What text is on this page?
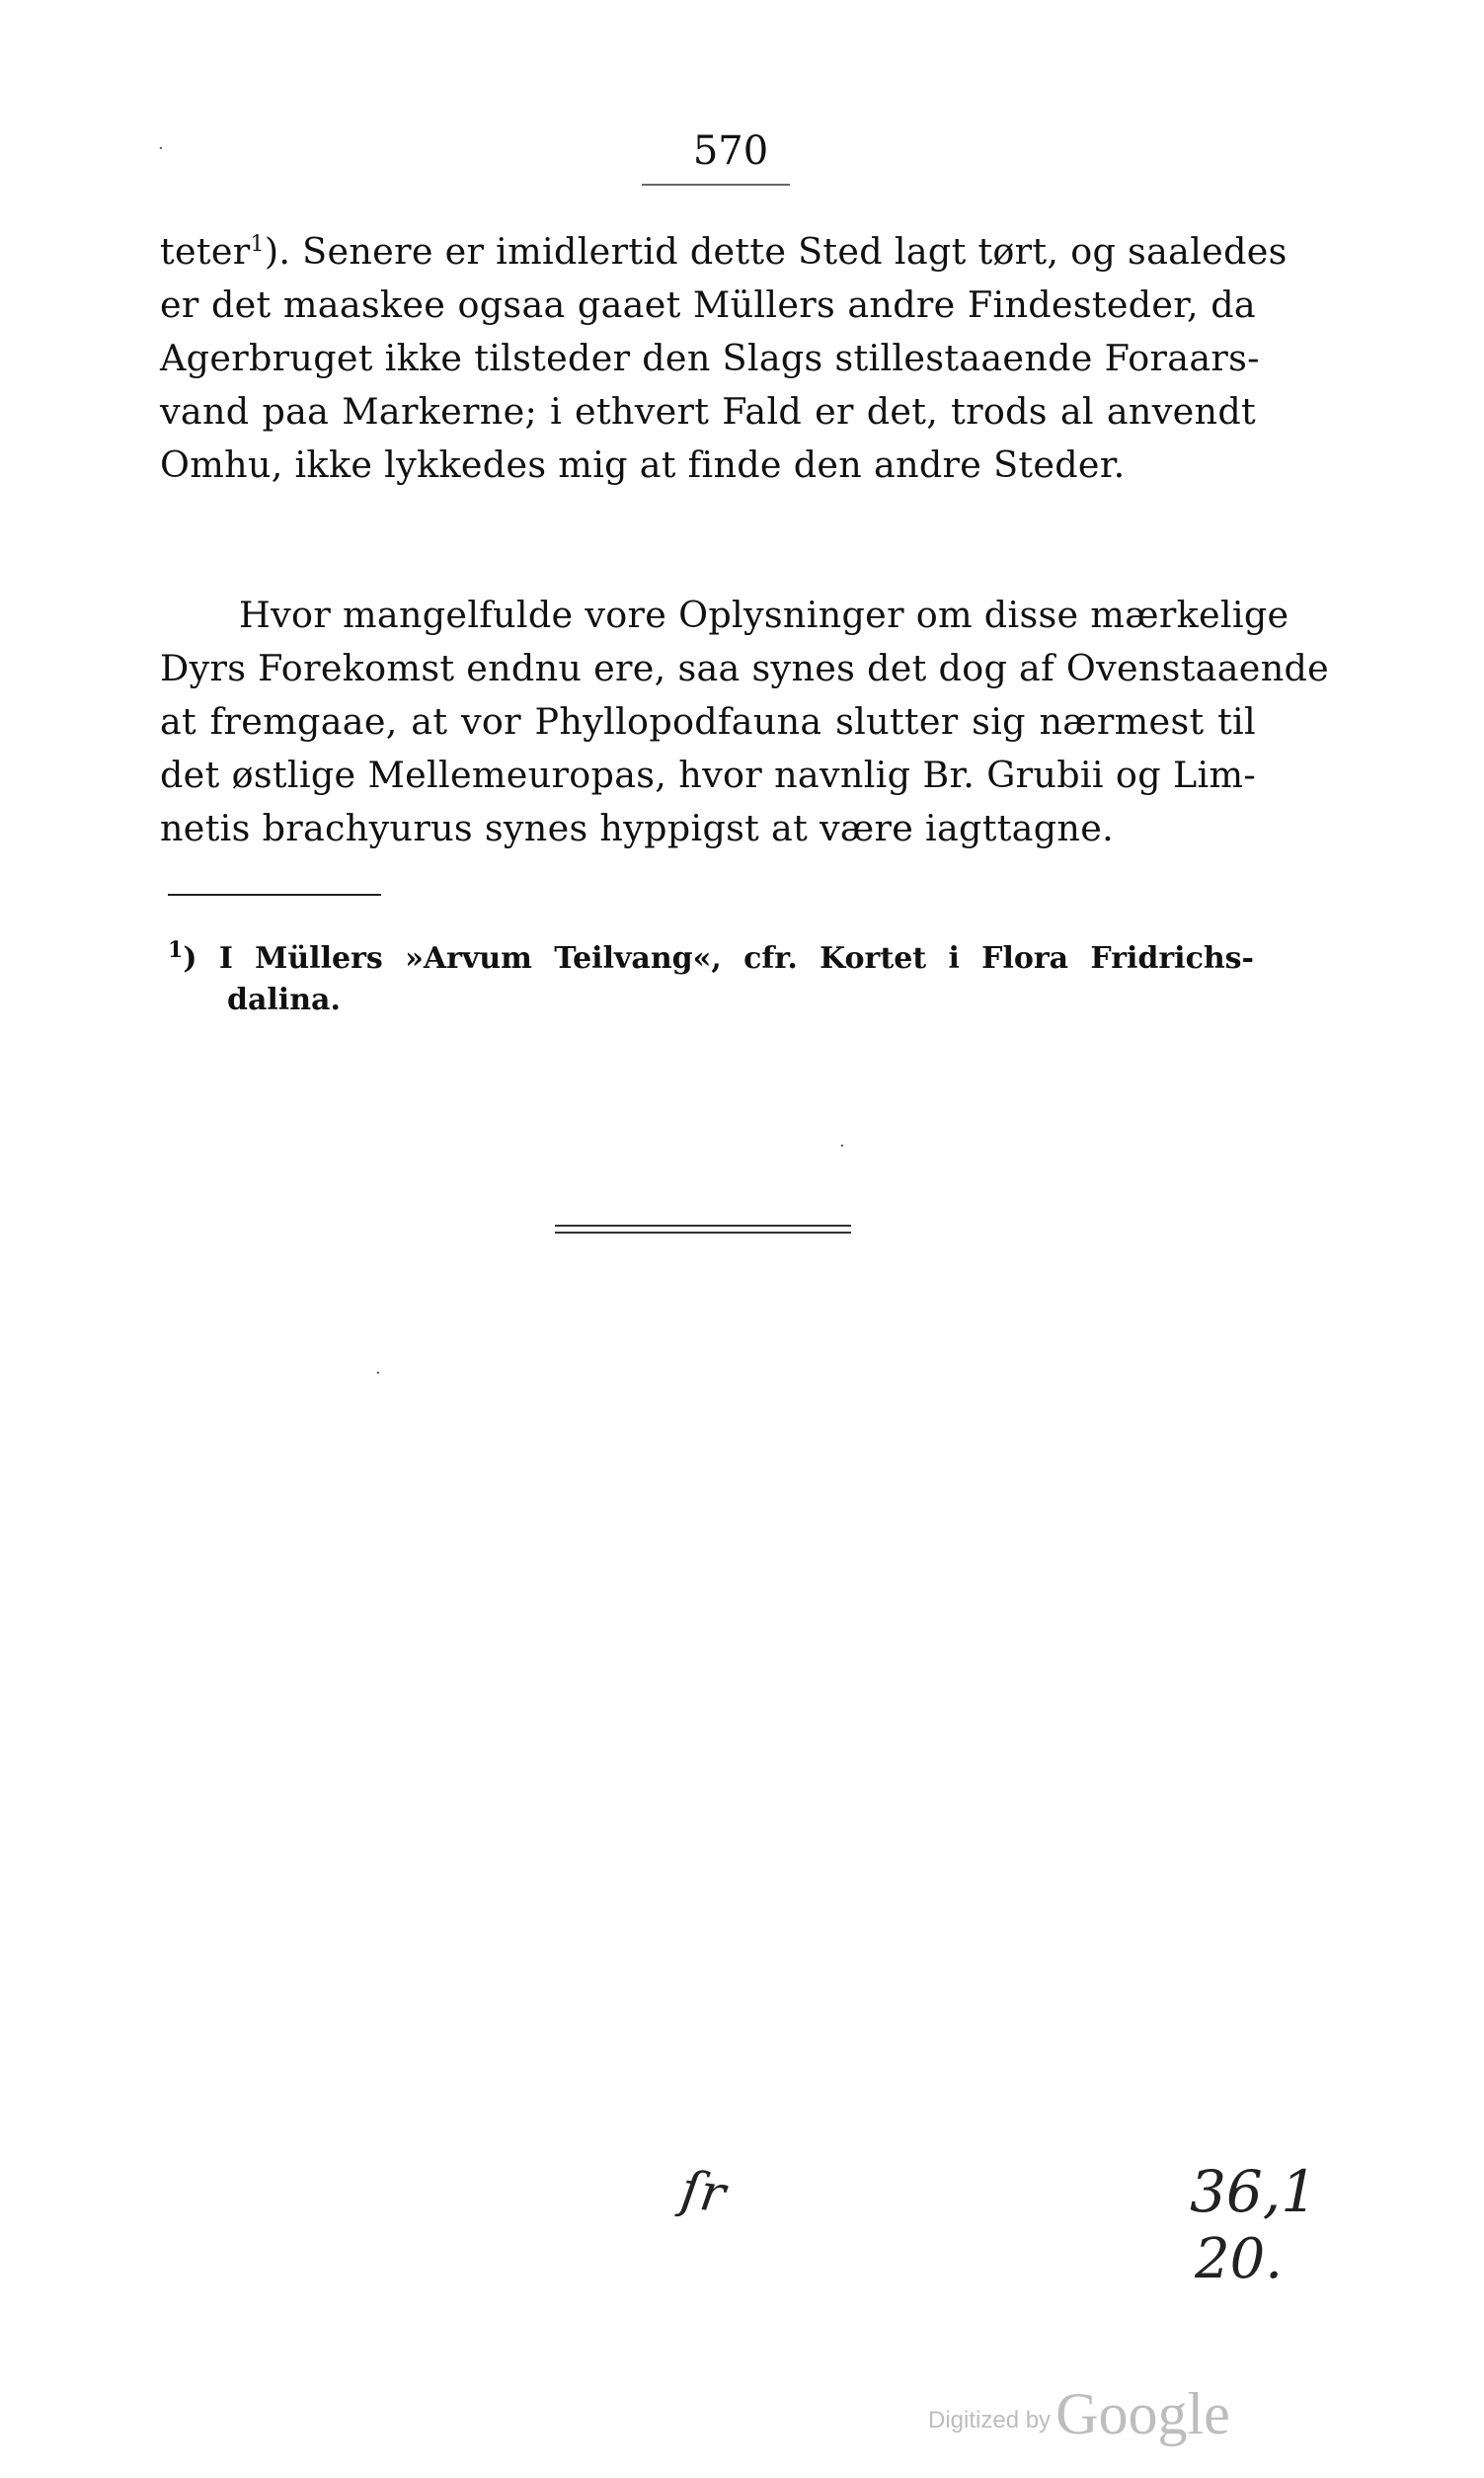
570
·
teter$^1$). Senere er imidlertid dette Sted lagt tørt, og saaledes
er det maaskee ogsaa gaaet Müllers andre Findesteder, da
Agerbruget ikke tilsteder den Slags stillestaaende Foraars-
vand paa Markerne; i ethvert Fald er det, trods al anvendt
Omhu, ikke lykkedes mig at finde den andre Steder.
Hvor mangelfulde vore Oplysninger om disse mærkelige
Dyrs Forekomst endnu ere, saa synes det dog af Ovenstaaende
at fremgaae, at vor Phyllopodfauna slutter sig nærmest til
det østlige Mellemeuropas, hvor navnlig Br. Grubii og Lim-
netis brachyurus synes hyppigst at være iagttagne.
$^1$) I Müllers »Arvum Teilvang«, cfr. Kortet i Flora Fridrichs-
dalina.
·
·
ſr	36,1
20.
Digitized by Google
